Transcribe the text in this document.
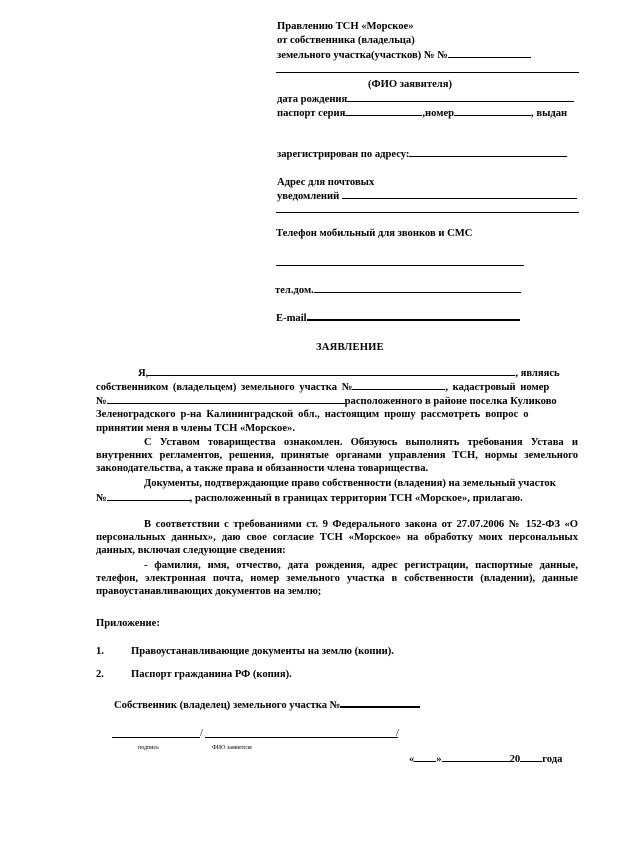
Правлению ТСН «Морское»
от собственника (владельца)
земельного участка(участков) № №
(ФИО заявителя)
дата рождения
паспорт серия	,номер	, выдан
зарегистрирован по адресу:
Адрес для почтовых
уведомлений
Телефон мобильный для звонков и СМС
тел.дом.
E-mail
ЗАЯВЛЕНИЕ
Я,	, являясь
собственником (владельцем) земельного участка №	, кадастровый номер
№	расположенного в районе поселка Куликово
Зеленоградского р-на Калининградской обл., настоящим прошу рассмотреть вопрос о
принятии меня в члены ТСН «Морское».
С Уставом товарищества ознакомлен. Обязуюсь выполнять требования Устава и внутренних регламентов, решения, принятые органами управления ТСН, нормы земельного законодательства, а также права и обязанности члена товарищества.
Документы, подтверждающие право собственности (владения) на земельный участок
№	, расположенный в границах территории ТСН «Морское», прилагаю.
В соответствии с требованиями ст. 9 Федерального закона от 27.07.2006 № 152-ФЗ «О персональных данных», даю свое согласие ТСН «Морское» на обработку моих персональных данных, включая следующие сведения:
- фамилия, имя, отчество, дата рождения, адрес регистрации, паспортные данные, телефон, электронная почта, номер земельного участка в собственности (владении), данные правоустанавливающих документов на землю;
Приложение:
1.	Правоустанавливающие документы на землю (копии).
2.	Паспорт гражданина РФ (копия).
Собственник (владелец) земельного участка №
/	/
подпись	ФИО заявителя
« »	20 года
